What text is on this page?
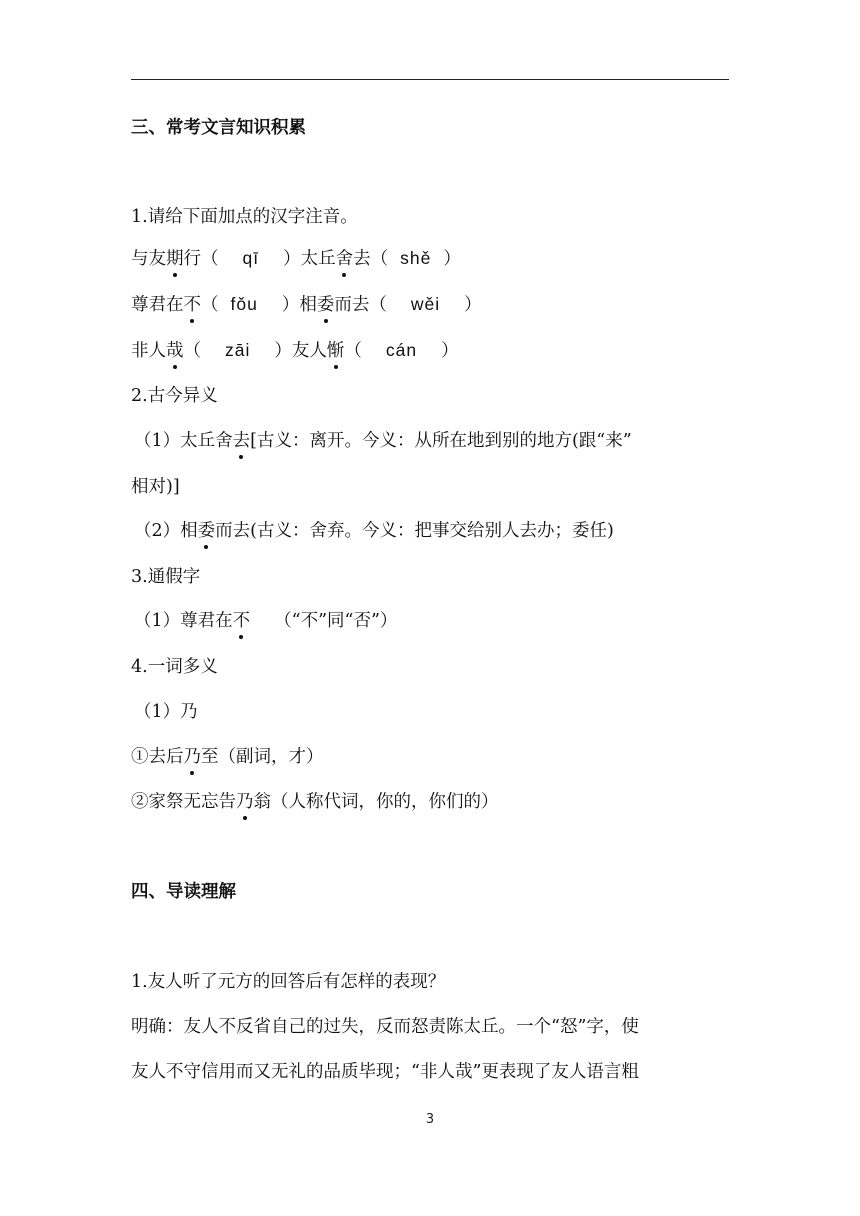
三、常考文言知识积累
1.请给下面加点的汉字注音。
与友期行（ qī ）太丘舍去（ shě ）
尊君在不（ fǒu ）相委而去（ wěi ）
非人哉（ zāi ）友人惭（ cán ）
2.古今异义
（1）太丘舍去[古义：离开。今义：从所在地到别的地方(跟“来”
相对)]
（2）相委而去(古义：舍弃。今义：把事交给别人去办；委任)
3.通假字
（1）尊君在不 （“不”同“否”）
4.一词多义
（1）乃
①去后乃至（副词，才）
②家祭无忘告乃翁（人称代词，你的，你们的）
四、导读理解
1.友人听了元方的回答后有怎样的表现？
明确：友人不反省自己的过失，反而怒责陈太丘。一个“怒”字，使
友人不守信用而又无礼的品质毕现；“非人哉”更表现了友人语言粗
3
